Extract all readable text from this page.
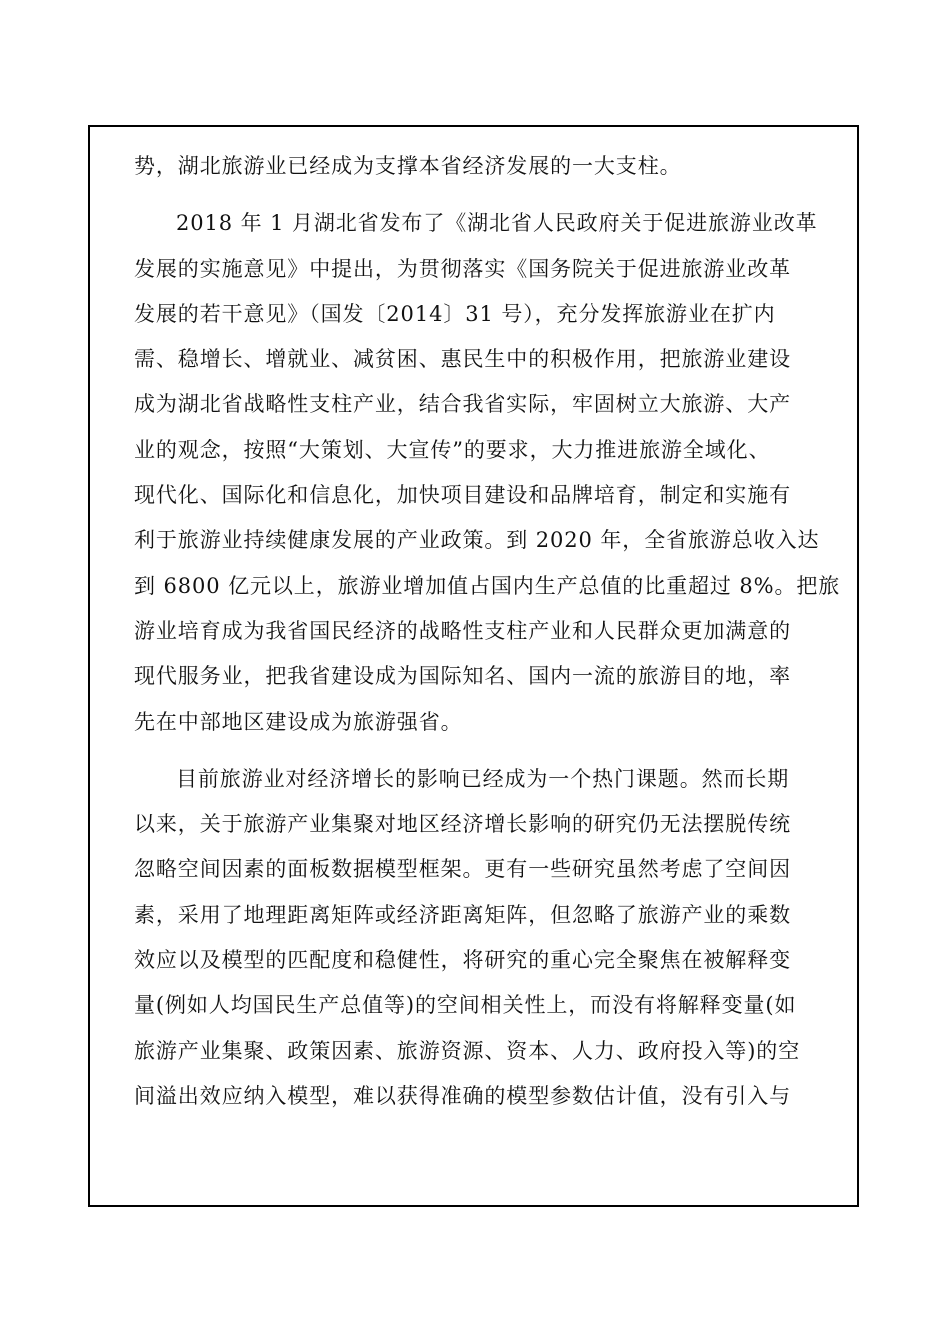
势，湖北旅游业已经成为支撑本省经济发展的一大支柱。
2018 年 1 月湖北省发布了《湖北省人民政府关于促进旅游业改革
发展的实施意见》中提出，为贯彻落实《国务院关于促进旅游业改革
发展的若干意见》（国发〔2014〕31 号），充分发挥旅游业在扩内
需、稳增长、增就业、减贫困、惠民生中的积极作用，把旅游业建设
成为湖北省战略性支柱产业，结合我省实际，牢固树立大旅游、大产
业的观念，按照“大策划、大宣传”的要求，大力推进旅游全域化、
现代化、国际化和信息化，加快项目建设和品牌培育，制定和实施有
利于旅游业持续健康发展的产业政策。到 2020 年，全省旅游总收入达
到 6800 亿元以上，旅游业增加值占国内生产总值的比重超过 8%。把旅
游业培育成为我省国民经济的战略性支柱产业和人民群众更加满意的
现代服务业，把我省建设成为国际知名、国内一流的旅游目的地，率
先在中部地区建设成为旅游强省。
目前旅游业对经济增长的影响已经成为一个热门课题。然而长期
以来，关于旅游产业集聚对地区经济增长影响的研究仍无法摆脱传统
忽略空间因素的面板数据模型框架。更有一些研究虽然考虑了空间因
素，采用了地理距离矩阵或经济距离矩阵，但忽略了旅游产业的乘数
效应以及模型的匹配度和稳健性，将研究的重心完全聚焦在被解释变
量(例如人均国民生产总值等)的空间相关性上，而没有将解释变量(如
旅游产业集聚、政策因素、旅游资源、资本、人力、政府投入等)的空
间溢出效应纳入模型，难以获得准确的模型参数估计值，没有引入与
